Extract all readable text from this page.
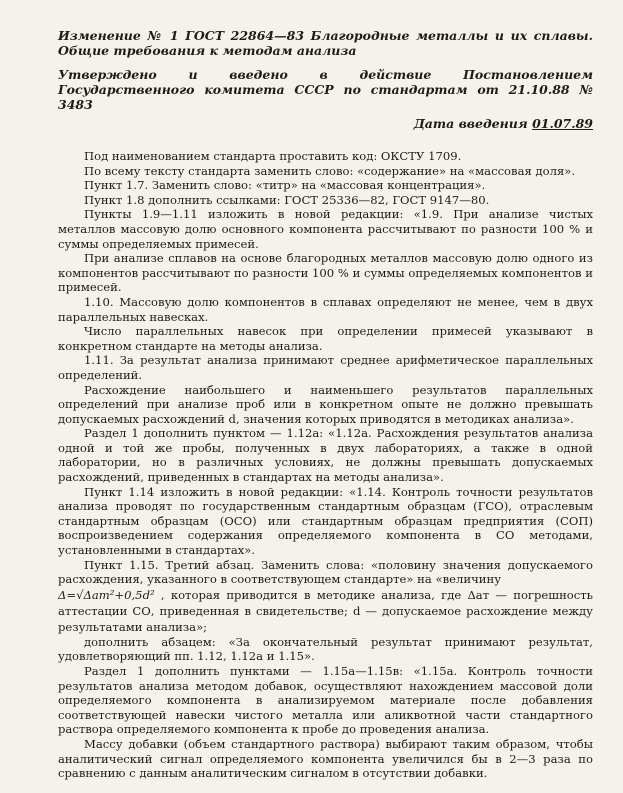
Изменение № 1 ГОСТ 22864—83 Благородные металлы и их сплавы. Общие требования к методам анализа
Утверждено и введено в действие Постановлением Государственного комитета СССР по стандартам от 21.10.88 № 3483
Дата введения 01.07.89

Под наименованием стандарта проставить код: ОКСТУ 1709.

По всему тексту стандарта заменить слово: «содержание» на «массовая доля».

Пункт 1.7. Заменить слово: «титр» на «массовая концентрация».

Пункт 1.8 дополнить ссылками: ГОСТ 25336—82, ГОСТ 9147—80.

Пункты 1.9—1.11 изложить в новой редакции: «1.9. При анализе чистых металлов массовую долю основного компонента рассчитывают по разности 100 % и суммы определяемых примесей.

При анализе сплавов на основе благородных металлов массовую долю одного из компонентов рассчитывают по разности 100 % и суммы определяемых компонентов и примесей.

1.10. Массовую долю компонентов в сплавах определяют не менее, чем в двух параллельных навесках.

Число параллельных навесок при определении примесей указывают в конкретном стандарте на методы анализа.

1.11. За результат анализа принимают среднее арифметическое параллельных определений.

Расхождение наибольшего и наименьшего результатов параллельных определений при анализе проб или в конкретном опыте не должно превышать допускаемых расхождений d, значения которых приводятся в методиках анализа».

Раздел 1 дополнить пунктом — 1.12а: «1.12а. Расхождения результатов анализа одной и той же пробы, полученных в двух лабораториях, а также в одной лаборатории, но в различных условиях, не должны превышать допускаемых расхождений, приведенных в стандартах на методы анализа».

Пункт 1.14 изложить в новой редакции: «1.14. Контроль точности результатов анализа проводят по государственным стандартным образцам (ГСО), отраслевым стандартным образцам (ОСО) или стандартным образцам предприятия (СОП) воспроизведением содержания определяемого компонента в СО методами, установленными в стандартах».

Пункт 1.15. Третий абзац. Заменить слова: «половину значения допускаемого расхождения, указанного в соответствующем стандарте» на «величину

Δ=√Δат²+0,5d² , которая приводится в методике анализа, где Δат — погрешность аттестации СО, приведенная в свидетельстве; d — допускаемое расхождение между результатами анализа»;

дополнить абзацем: «За окончательный результат принимают результат, удовлетворяющий пп. 1.12, 1.12а и 1.15».

Раздел 1 дополнить пунктами — 1.15а—1.15в: «1.15а. Контроль точности результатов анализа методом добавок, осуществляют нахождением массовой доли определяемого компонента в анализируемом материале после добавления соответствующей навески чистого металла или аликвотной части стандартного раствора определяемого компонента к пробе до проведения анализа.

Массу добавки (объем стандартного раствора) выбирают таким образом, чтобы аналитический сигнал определяемого компонента увеличился бы в 2—3 раза по сравнению с данным аналитическим сигналом в отсутствии добавки.
